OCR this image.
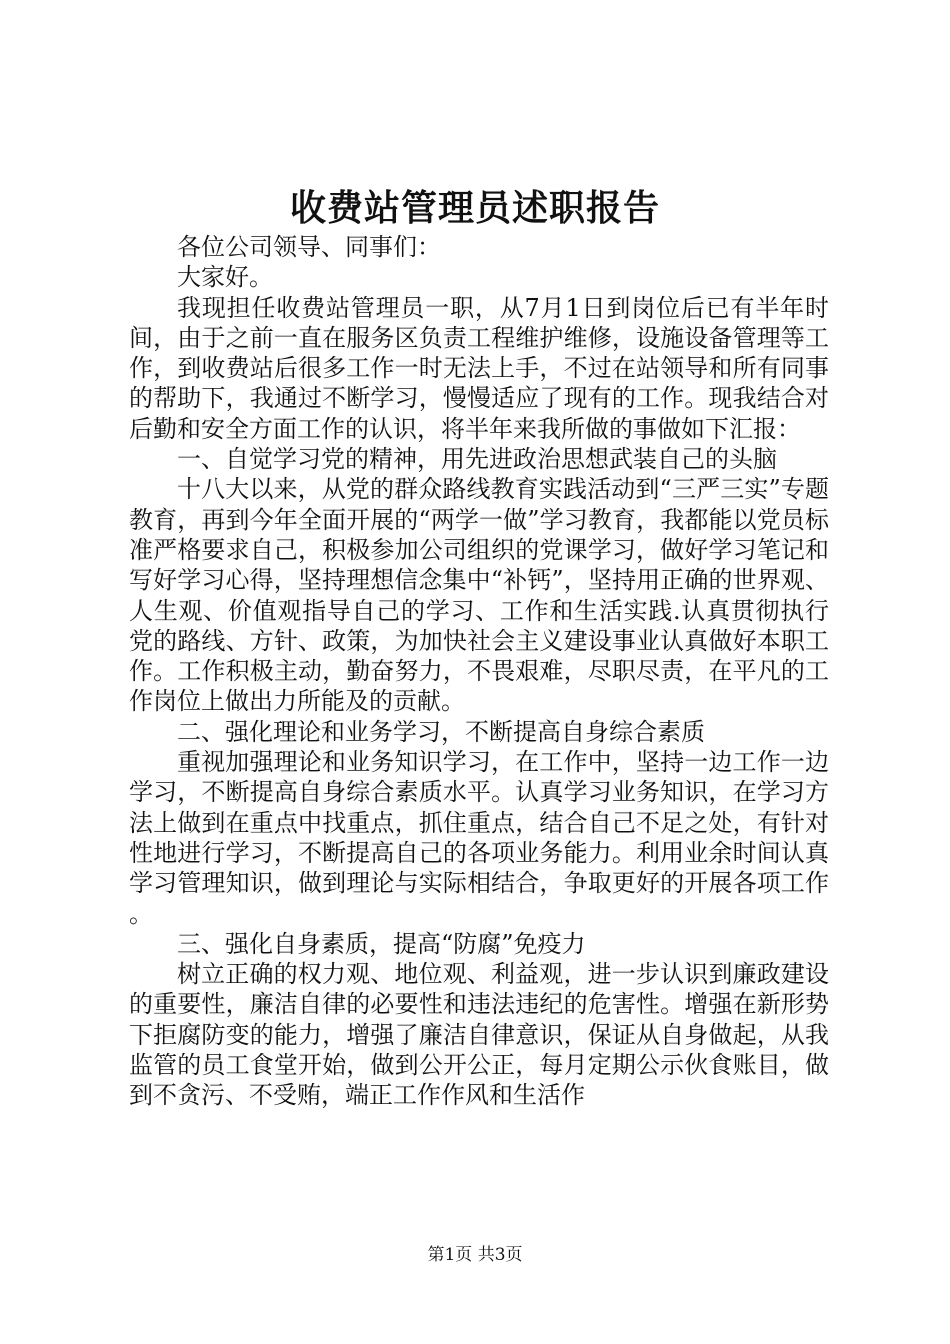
收费站管理员述职报告

各位公司领导、同事们：

大家好。

我现担任收费站管理员一职，从7月1日到岗位后已有半年时间，由于之前一直在服务区负责工程维护维修，设施设备管理等工作，到收费站后很多工作一时无法上手，不过在站领导和所有同事的帮助下，我通过不断学习，慢慢适应了现有的工作。现我结合对后勤和安全方面工作的认识，将半年来我所做的事做如下汇报：

一、自觉学习党的精神，用先进政治思想武装自己的头脑

十八大以来，从党的群众路线教育实践活动到“三严三实”专题教育，再到今年全面开展的“两学一做”学习教育，我都能以党员标准严格要求自己，积极参加公司组织的党课学习，做好学习笔记和写好学习心得，坚持理想信念集中“补钙”，坚持用正确的世界观、人生观、价值观指导自己的学习、工作和生活实践.认真贯彻执行党的路线、方针、政策，为加快社会主义建设事业认真做好本职工作。工作积极主动，勤奋努力，不畏艰难，尽职尽责，在平凡的工作岗位上做出力所能及的贡献。

二、强化理论和业务学习，不断提高自身综合素质

重视加强理论和业务知识学习，在工作中，坚持一边工作一边学习，不断提高自身综合素质水平。认真学习业务知识，在学习方法上做到在重点中找重点，抓住重点，结合自己不足之处，有针对性地进行学习，不断提高自己的各项业务能力。利用业余时间认真学习管理知识，做到理论与实际相结合，争取更好的开展各项工作。

三、强化自身素质，提高“防腐”免疫力

树立正确的权力观、地位观、利益观，进一步认识到廉政建设的重要性，廉洁自律的必要性和违法违纪的危害性。增强在新形势下拒腐防变的能力，增强了廉洁自律意识，保证从自身做起，从我监管的员工食堂开始，做到公开公正，每月定期公示伙食账目，做到不贪污、不受贿，端正工作作风和生活作

第1页 共3页
